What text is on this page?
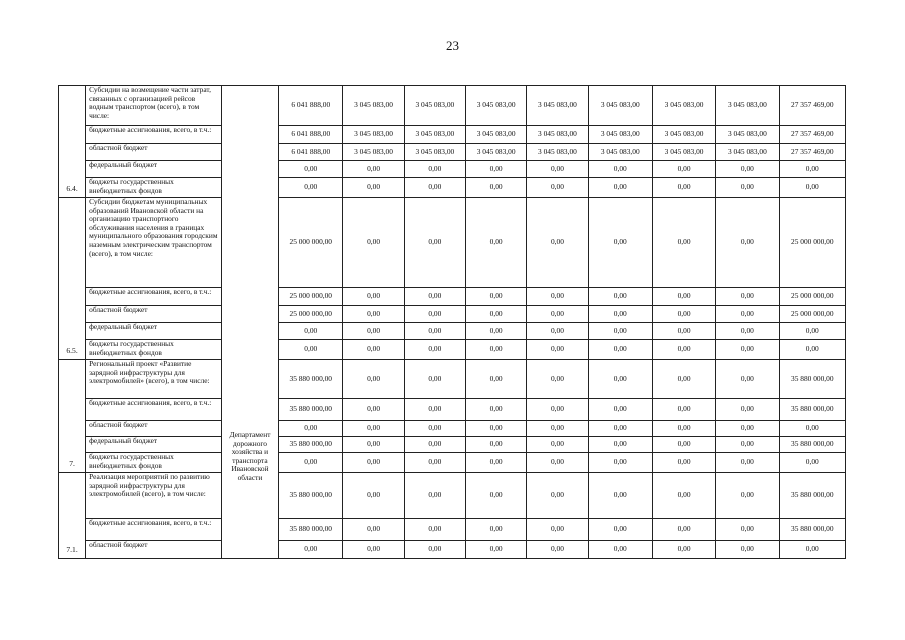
23
6.4.	Субсидии на возмещение части затрат, связанных с организацией рейсов водным транспортом (всего), в том числе:	Департамент дорожного хозяйства и транспорта Ивановской области	6 041 888,00	3 045 083,00	3 045 083,00	3 045 083,00	3 045 083,00	3 045 083,00	3 045 083,00	3 045 083,00	27 357 469,00
	бюджетные ассигнования, всего, в т.ч.:		6 041 888,00	3 045 083,00	3 045 083,00	3 045 083,00	3 045 083,00	3 045 083,00	3 045 083,00	3 045 083,00	27 357 469,00
	областной бюджет		6 041 888,00	3 045 083,00	3 045 083,00	3 045 083,00	3 045 083,00	3 045 083,00	3 045 083,00	3 045 083,00	27 357 469,00
	федеральный бюджет		0,00	0,00	0,00	0,00	0,00	0,00	0,00	0,00	0,00
	бюджеты государственных внебюджетных фондов		0,00	0,00	0,00	0,00	0,00	0,00	0,00	0,00	0,00
6.5.	Субсидии бюджетам муниципальных образований Ивановской области на организацию транспортного обслуживания населения в границах муниципального образования городским наземным электрическим транспортом (всего), в том числе:		25 000 000,00	0,00	0,00	0,00	0,00	0,00	0,00	0,00	25 000 000,00
	бюджетные ассигнования, всего, в т.ч.:		25 000 000,00	0,00	0,00	0,00	0,00	0,00	0,00	0,00	25 000 000,00
	областной бюджет		25 000 000,00	0,00	0,00	0,00	0,00	0,00	0,00	0,00	25 000 000,00
	федеральный бюджет		0,00	0,00	0,00	0,00	0,00	0,00	0,00	0,00	0,00
	бюджеты государственных внебюджетных фондов		0,00	0,00	0,00	0,00	0,00	0,00	0,00	0,00	0,00
7.	Региональный проект «Развитие зарядной инфраструктуры для электромобилей» (всего), в том числе:		35 880 000,00	0,00	0,00	0,00	0,00	0,00	0,00	0,00	35 880 000,00
	бюджетные ассигнования, всего, в т.ч.:		35 880 000,00	0,00	0,00	0,00	0,00	0,00	0,00	0,00	35 880 000,00
	областной бюджет		0,00	0,00	0,00	0,00	0,00	0,00	0,00	0,00	0,00
	федеральный бюджет		35 880 000,00	0,00	0,00	0,00	0,00	0,00	0,00	0,00	35 880 000,00
	бюджеты государственных внебюджетных фондов		0,00	0,00	0,00	0,00	0,00	0,00	0,00	0,00	0,00
7.1.	Реализация мероприятий по развитию зарядной инфраструктуры для электромобилей (всего), в том числе:		35 880 000,00	0,00	0,00	0,00	0,00	0,00	0,00	0,00	35 880 000,00
	бюджетные ассигнования, всего, в т.ч.:		35 880 000,00	0,00	0,00	0,00	0,00	0,00	0,00	0,00	35 880 000,00
	областной бюджет		0,00	0,00	0,00	0,00	0,00	0,00	0,00	0,00	0,00
